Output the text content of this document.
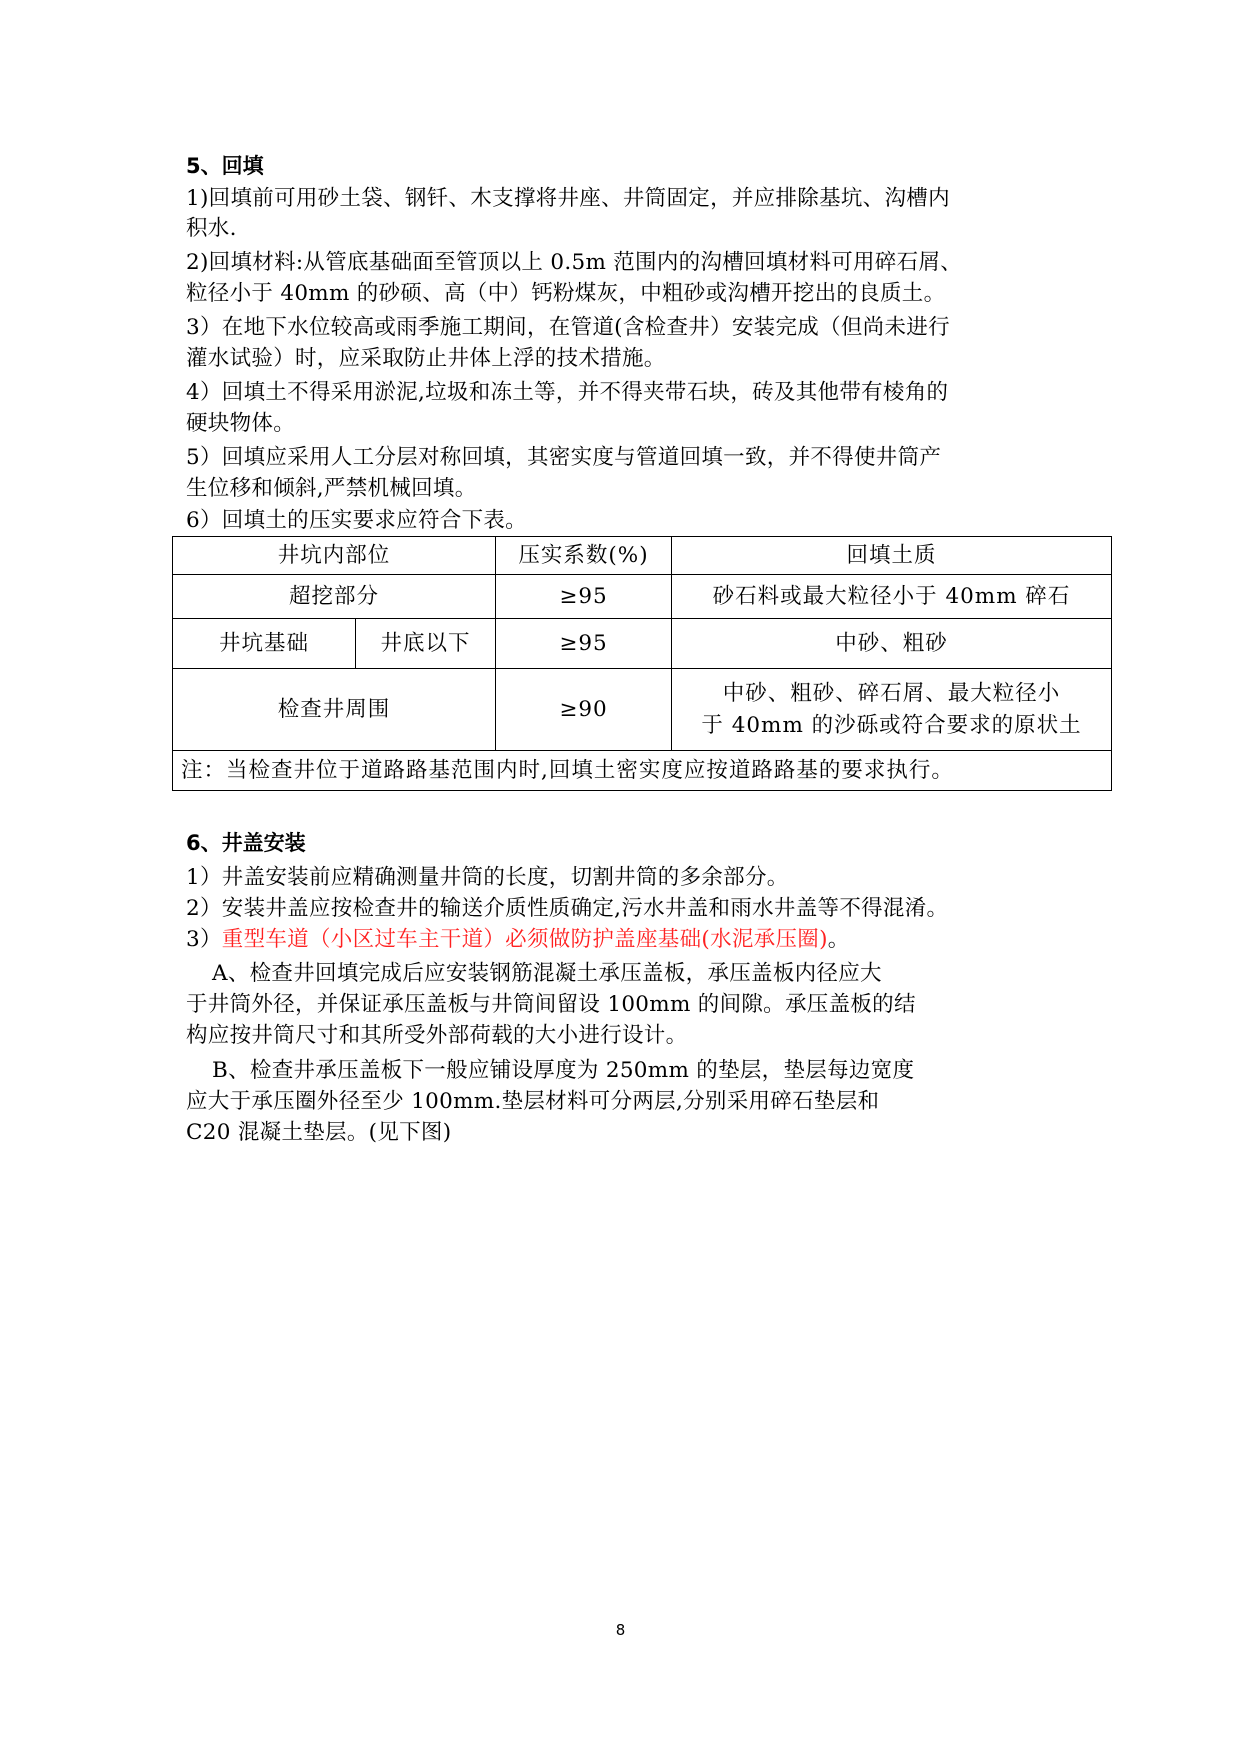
5、回填
1)回填前可用砂土袋、钢钎、木支撑将井座、井筒固定，并应排除基坑、沟槽内
积水.
2)回填材料:从管底基础面至管顶以上 0.5m 范围内的沟槽回填材料可用碎石屑、
粒径小于 40mm 的砂硕、高（中）钙粉煤灰，中粗砂或沟槽开挖出的良质土。
3）在地下水位较高或雨季施工期间，在管道(含检查井）安装完成（但尚未进行
灌水试验）时，应采取防止井体上浮的技术措施。
4）回填土不得采用淤泥,垃圾和冻土等，并不得夹带石块，砖及其他带有棱角的
硬块物体。
5）回填应采用人工分层对称回填，其密实度与管道回填一致，并不得使井筒产
生位移和倾斜,严禁机械回填。
6）回填土的压实要求应符合下表。
井坑内部位		压实系数(%)	回填土质
超挖部分		≥95	砂石料或最大粒径小于 40mm 碎石
井坑基础	井底以下	≥95	中砂、粗砂
检查井周围		≥90	中砂、粗砂、碎石屑、最大粒径小
于 40mm 的沙砾或符合要求的原状土

注：当检查井位于道路路基范围内时,回填土密实度应按道路路基的要求执行。			
6、井盖安装
1）井盖安装前应精确测量井筒的长度，切割井筒的多余部分。
2）安装井盖应按检查井的输送介质性质确定,污水井盖和雨水井盖等不得混淆。
3）重型车道（小区过车主干道）必须做防护盖座基础(水泥承压圈)。
A、检查井回填完成后应安装钢筋混凝土承压盖板，承压盖板内径应大
于井筒外径，并保证承压盖板与井筒间留设 100mm 的间隙。承压盖板的结
构应按井筒尺寸和其所受外部荷载的大小进行设计。
B、检查井承压盖板下一般应铺设厚度为 250mm 的垫层，垫层每边宽度
应大于承压圈外径至少 100mm.垫层材料可分两层,分别采用碎石垫层和
C20 混凝土垫层。(见下图)
8
